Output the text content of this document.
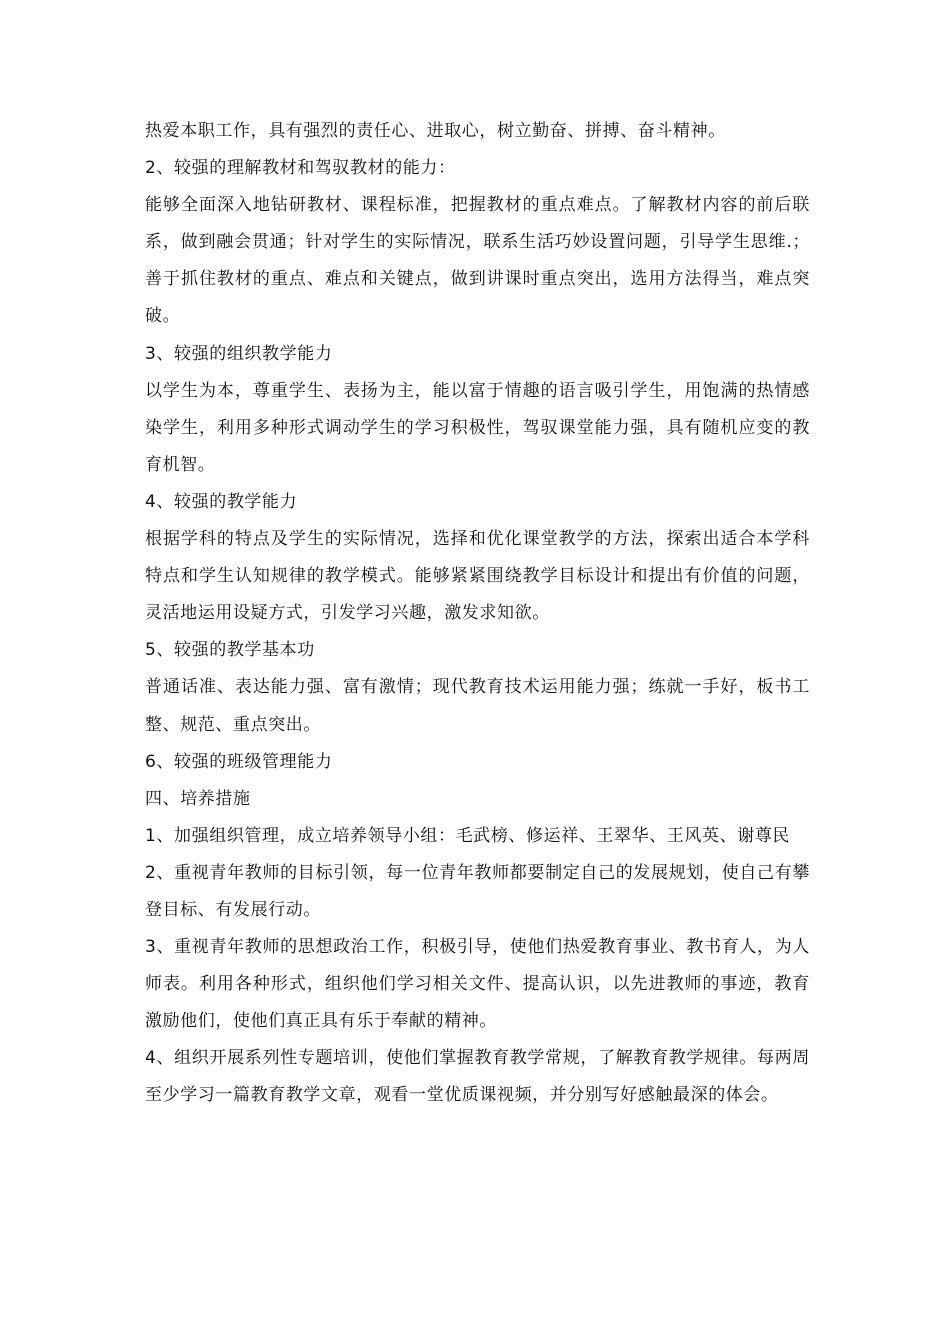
热爱本职工作，具有强烈的责任心、进取心，树立勤奋、拼搏、奋斗精神。

2、较强的理解教材和驾驭教材的能力：

能够全面深入地钻研教材、课程标准，把握教材的重点难点。了解教材内容的前后联系，做到融会贯通；针对学生的实际情况，联系生活巧妙设置问题，引导学生思维.；善于抓住教材的重点、难点和关键点，做到讲课时重点突出，选用方法得当，难点突破。

3、较强的组织教学能力

以学生为本，尊重学生、表扬为主，能以富于情趣的语言吸引学生，用饱满的热情感染学生，利用多种形式调动学生的学习积极性，驾驭课堂能力强，具有随机应变的教育机智。

4、较强的教学能力

根据学科的特点及学生的实际情况，选择和优化课堂教学的方法，探索出适合本学科特点和学生认知规律的教学模式。能够紧紧围绕教学目标设计和提出有价值的问题，灵活地运用设疑方式，引发学习兴趣，激发求知欲。

5、较强的教学基本功

普通话准、表达能力强、富有激情；现代教育技术运用能力强；练就一手好，板书工整、规范、重点突出。

6、较强的班级管理能力

四、培养措施

1、加强组织管理，成立培养领导小组：毛武榜、修运祥、王翠华、王风英、谢尊民

2、重视青年教师的目标引领，每一位青年教师都要制定自己的发展规划，使自己有攀登目标、有发展行动。

3、重视青年教师的思想政治工作，积极引导，使他们热爱教育事业、教书育人，为人师表。利用各种形式，组织他们学习相关文件、提高认识，以先进教师的事迹，教育激励他们，使他们真正具有乐于奉献的精神。

4、组织开展系列性专题培训，使他们掌握教育教学常规，了解教育教学规律。每两周至少学习一篇教育教学文章，观看一堂优质课视频，并分别写好感触最深的体会。
